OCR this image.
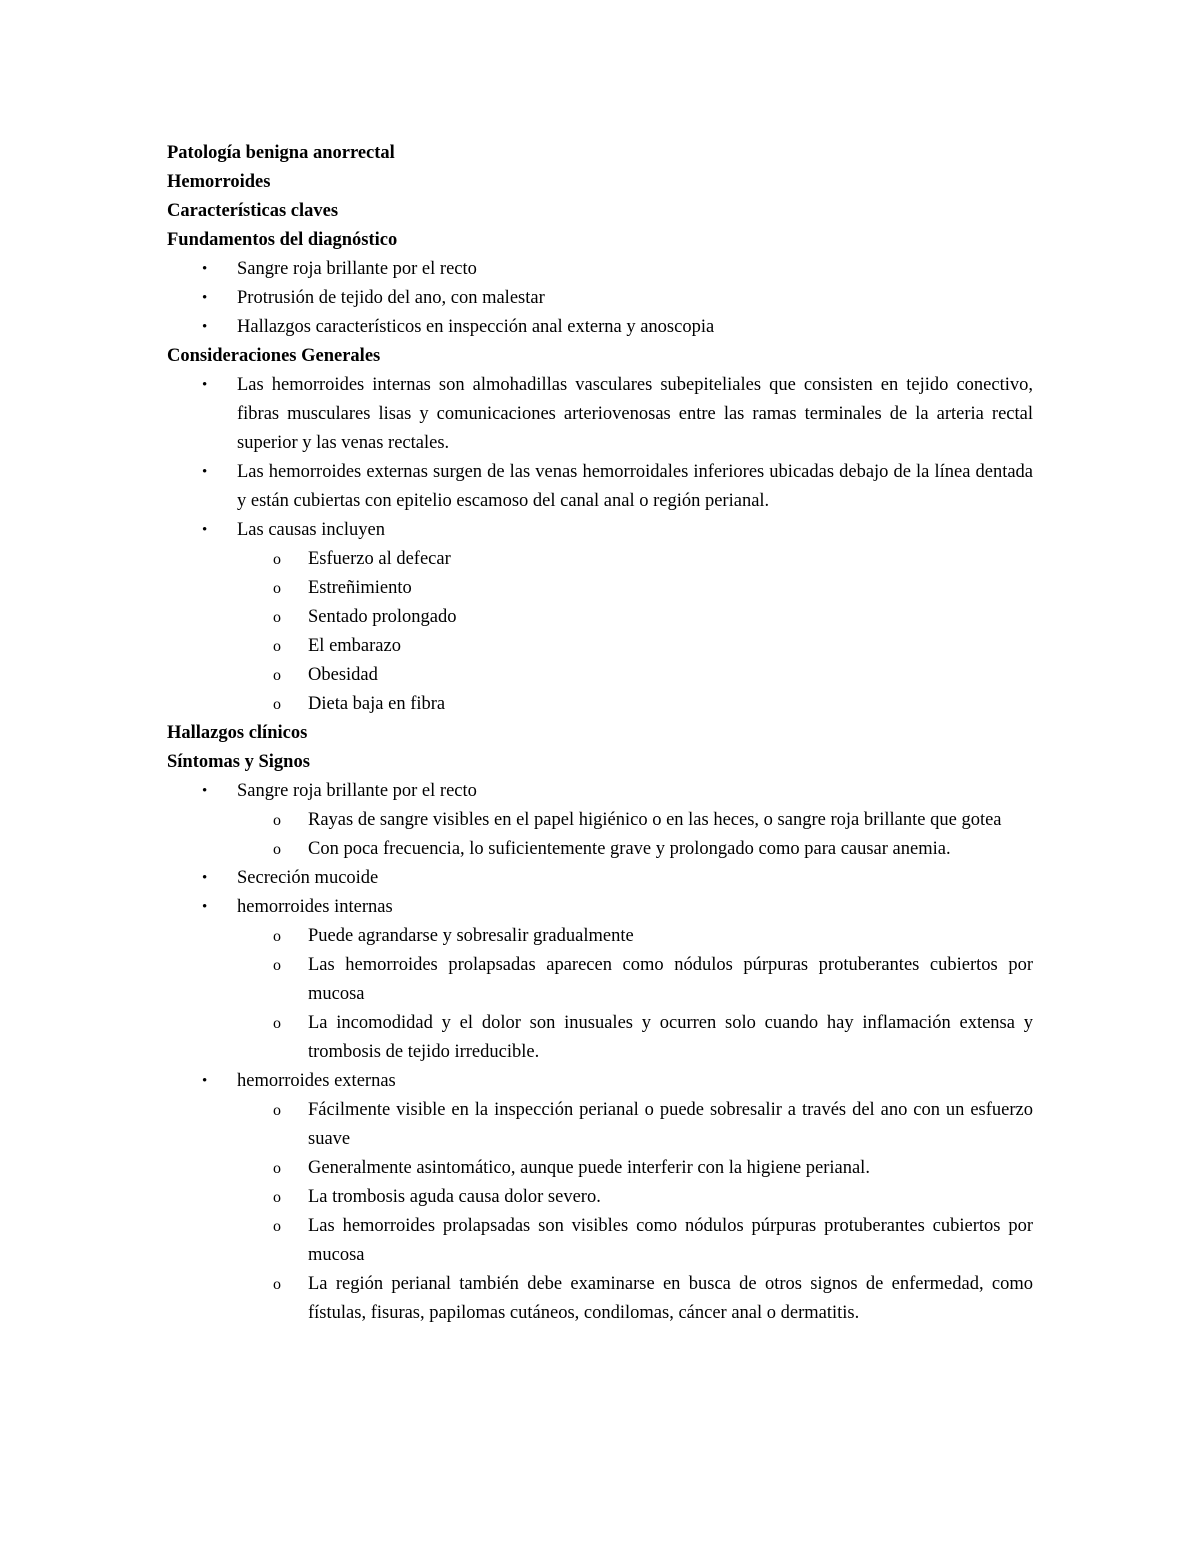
Patología benigna anorrectal

Hemorroides

Características claves

Fundamentos del diagnóstico

• Sangre roja brillante por el recto
• Protrusión de tejido del ano, con malestar
• Hallazgos característicos en inspección anal externa y anoscopia

Consideraciones Generales

• Las hemorroides internas son almohadillas vasculares subepiteliales que consisten en tejido conectivo, fibras musculares lisas y comunicaciones arteriovenosas entre las ramas terminales de la arteria rectal superior y las venas rectales.
• Las hemorroides externas surgen de las venas hemorroidales inferiores ubicadas debajo de la línea dentada y están cubiertas con epitelio escamoso del canal anal o región perianal.
• Las causas incluyen
o Esfuerzo al defecar
o Estreñimiento
o Sentado prolongado
o El embarazo
o Obesidad
o Dieta baja en fibra

Hallazgos clínicos

Síntomas y Signos

• Sangre roja brillante por el recto
o Rayas de sangre visibles en el papel higiénico o en las heces, o sangre roja brillante que gotea
o Con poca frecuencia, lo suficientemente grave y prolongado como para causar anemia.
• Secreción mucoide
• hemorroides internas
o Puede agrandarse y sobresalir gradualmente
o Las hemorroides prolapsadas aparecen como nódulos púrpuras protuberantes cubiertos por mucosa
o La incomodidad y el dolor son inusuales y ocurren solo cuando hay inflamación extensa y trombosis de tejido irreducible.
• hemorroides externas
o Fácilmente visible en la inspección perianal o puede sobresalir a través del ano con un esfuerzo suave
o Generalmente asintomático, aunque puede interferir con la higiene perianal.
o La trombosis aguda causa dolor severo.
o Las hemorroides prolapsadas son visibles como nódulos púrpuras protuberantes cubiertos por mucosa
o La región perianal también debe examinarse en busca de otros signos de enfermedad, como fístulas, fisuras, papilomas cutáneos, condilomas, cáncer anal o dermatitis.
